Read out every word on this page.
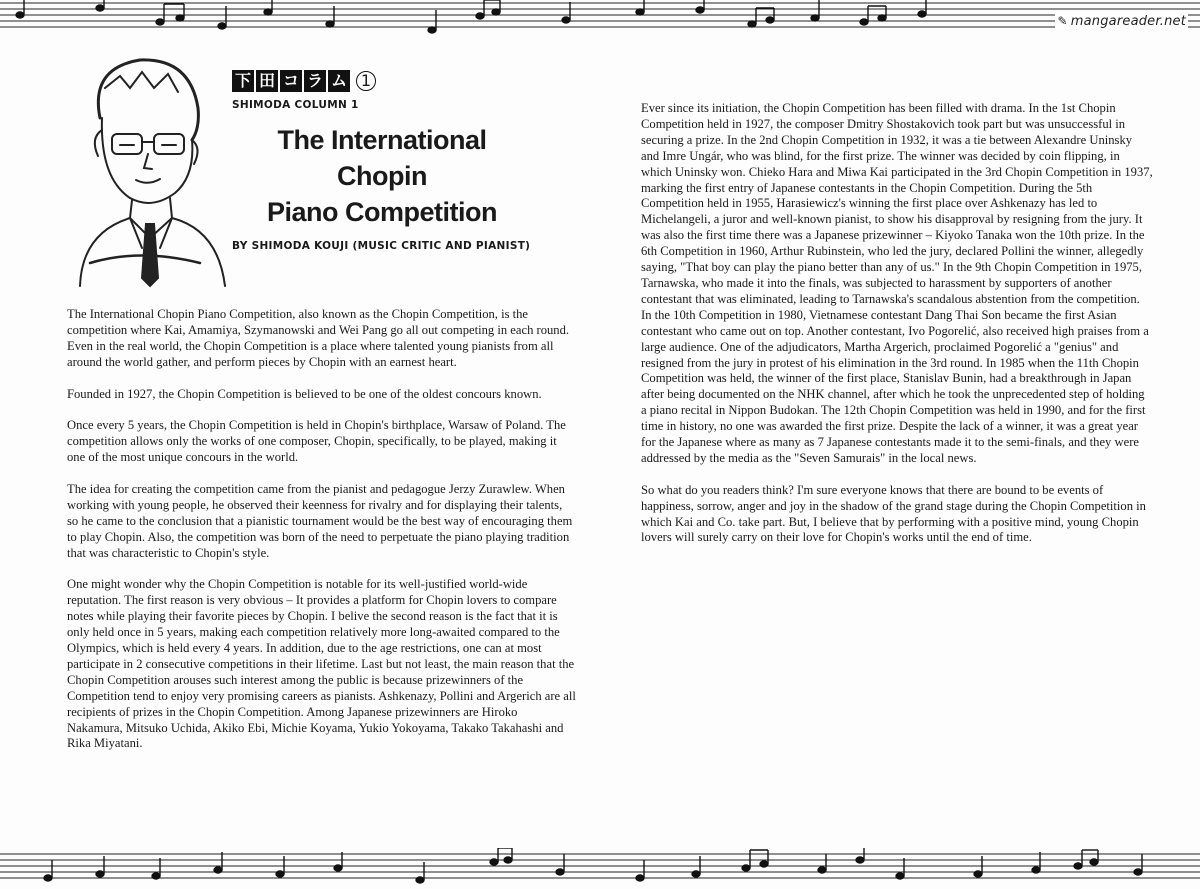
✎ mangareader.net
下 田 コ ラ ム 1
SHIMODA COLUMN 1
The International Chopin
Piano Competition
BY SHIMODA KOUJI (MUSIC CRITIC AND PIANIST)

The International Chopin Piano Competition, also known as the Chopin Competition, is the competition where Kai, Amamiya, Szymanowski and Wei Pang go all out competing in each round. Even in the real world, the Chopin Competition is a place where talented young pianists from all around the world gather, and perform pieces by Chopin with an earnest heart.

Founded in 1927, the Chopin Competition is believed to be one of the oldest concours known.

Once every 5 years, the Chopin Competition is held in Chopin's birthplace, Warsaw of Poland. The competition allows only the works of one composer, Chopin, specifically, to be played, making it one of the most unique concours in the world.

The idea for creating the competition came from the pianist and pedagogue Jerzy Zurawlew. When working with young people, he observed their keenness for rivalry and for displaying their talents, so he came to the conclusion that a pianistic tournament would be the best way of encouraging them to play Chopin. Also, the competition was born of the need to perpetuate the piano playing tradition that was characteristic to Chopin's style.

One might wonder why the Chopin Competition is notable for its well-justified world-wide reputation. The first reason is very obvious – It provides a platform for Chopin lovers to compare notes while playing their favorite pieces by Chopin. I belive the second reason is the fact that it is only held once in 5 years, making each competition relatively more long-awaited compared to the Olympics, which is held every 4 years. In addition, due to the age restrictions, one can at most participate in 2 consecutive competitions in their lifetime. Last but not least, the main reason that the Chopin Competition arouses such interest among the public is because prizewinners of the Competition tend to enjoy very promising careers as pianists. Ashkenazy, Pollini and Argerich are all recipients of prizes in the Chopin Competition. Among Japanese prizewinners are Hiroko Nakamura, Mitsuko Uchida, Akiko Ebi, Michie Koyama, Yukio Yokoyama, Takako Takahashi and Rika Miyatani.

Ever since its initiation, the Chopin Competition has been filled with drama. In the 1st Chopin Competition held in 1927, the composer Dmitry Shostakovich took part but was unsuccessful in securing a prize. In the 2nd Chopin Competition in 1932, it was a tie between Alexandre Uninsky and Imre Ungár, who was blind, for the first prize. The winner was decided by coin flipping, in which Uninsky won. Chieko Hara and Miwa Kai participated in the 3rd Chopin Competition in 1937, marking the first entry of Japanese contestants in the Chopin Competition. During the 5th Competition held in 1955, Harasiewicz's winning the first place over Ashkenazy has led to Michelangeli, a juror and well-known pianist, to show his disapproval by resigning from the jury. It was also the first time there was a Japanese prizewinner – Kiyoko Tanaka won the 10th prize. In the 6th Competition in 1960, Arthur Rubinstein, who led the jury, declared Pollini the winner, allegedly saying, "That boy can play the piano better than any of us." In the 9th Chopin Competition in 1975, Tarnawska, who made it into the finals, was subjected to harassment by supporters of another contestant that was eliminated, leading to Tarnawska's scandalous abstention from the competition. In the 10th Competition in 1980, Vietnamese contestant Dang Thai Son became the first Asian contestant who came out on top. Another contestant, Ivo Pogorelić, also received high praises from a large audience. One of the adjudicators, Martha Argerich, proclaimed Pogorelić a "genius" and resigned from the jury in protest of his elimination in the 3rd round. In 1985 when the 11th Chopin Competition was held, the winner of the first place, Stanislav Bunin, had a breakthrough in Japan after being documented on the NHK channel, after which he took the unprecedented step of holding a piano recital in Nippon Budokan. The 12th Chopin Competition was held in 1990, and for the first time in history, no one was awarded the first prize. Despite the lack of a winner, it was a great year for the Japanese where as many as 7 Japanese contestants made it to the semi-finals, and they were addressed by the media as the "Seven Samurais" in the local news.

So what do you readers think? I'm sure everyone knows that there are bound to be events of happiness, sorrow, anger and joy in the shadow of the grand stage during the Chopin Competition in which Kai and Co. take part. But, I believe that by performing with a positive mind, young Chopin lovers will surely carry on their love for Chopin's works until the end of time.
